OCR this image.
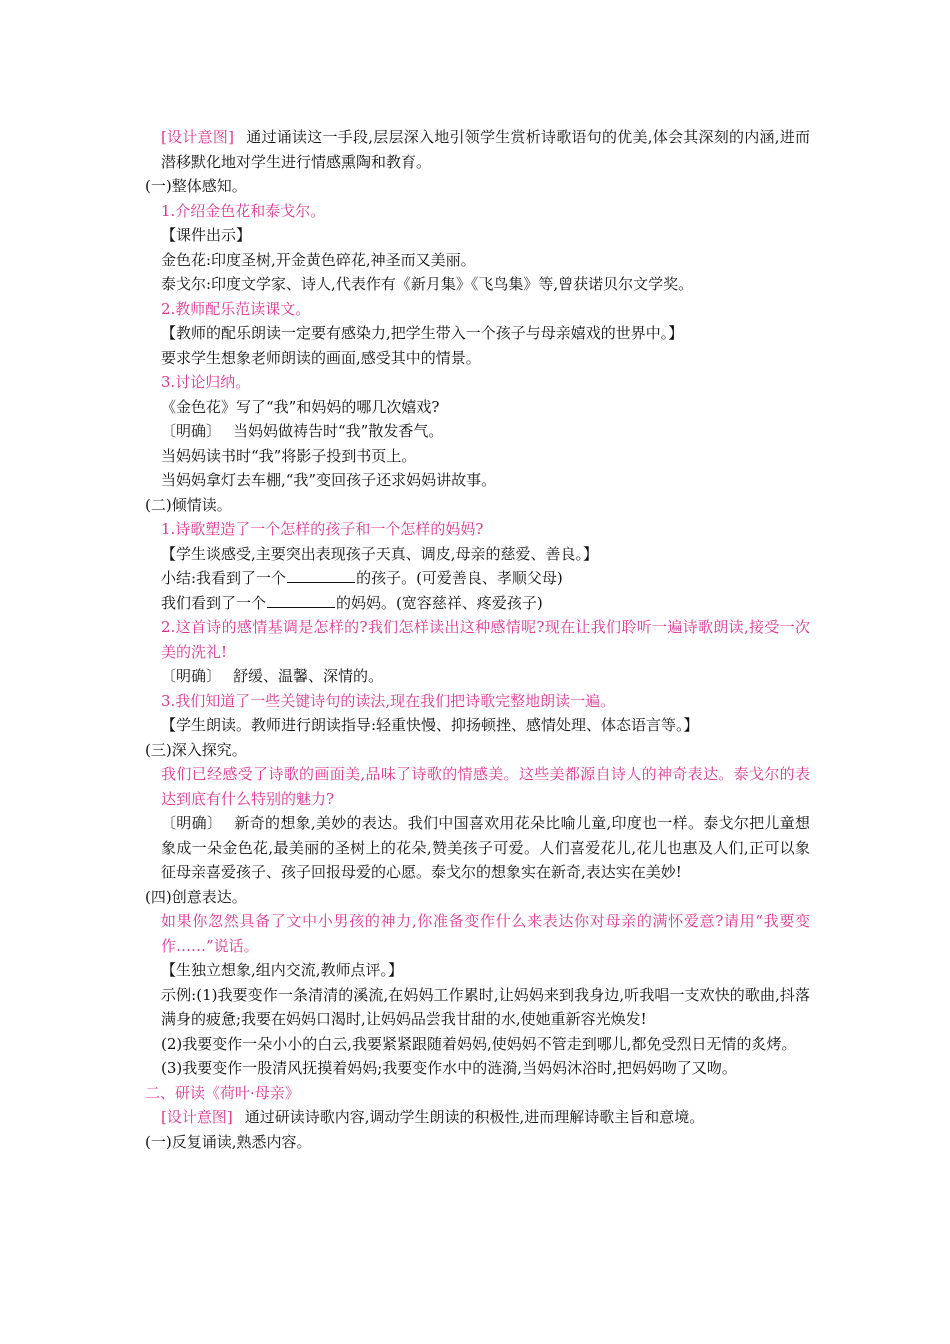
[设计意图] 通过诵读这一手段,层层深入地引领学生赏析诗歌语句的优美,体会其深刻的内涵,进而潜移默化地对学生进行情感熏陶和教育。

(一)整体感知。

1.介绍金色花和泰戈尔。

【课件出示】

金色花:印度圣树,开金黄色碎花,神圣而又美丽。

泰戈尔:印度文学家、诗人,代表作有《新月集》《飞鸟集》等,曾获诺贝尔文学奖。

2.教师配乐范读课文。

【教师的配乐朗读一定要有感染力,把学生带入一个孩子与母亲嬉戏的世界中。】

要求学生想象老师朗读的画面,感受其中的情景。

3.讨论归纳。

《金色花》写了“我”和妈妈的哪几次嬉戏?

〔明确〕 当妈妈做祷告时“我”散发香气。

当妈妈读书时“我”将影子投到书页上。

当妈妈拿灯去车棚,“我”变回孩子还求妈妈讲故事。

(二)倾情读。

1.诗歌塑造了一个怎样的孩子和一个怎样的妈妈?

【学生谈感受,主要突出表现孩子天真、调皮,母亲的慈爱、善良。】

小结:我看到了一个	的孩子。(可爱善良、孝顺父母)

我们看到了一个	的妈妈。(宽容慈祥、疼爱孩子)

2.这首诗的感情基调是怎样的?我们怎样读出这种感情呢?现在让我们聆听一遍诗歌朗读,接受一次美的洗礼!

〔明确〕 舒缓、温馨、深情的。

3.我们知道了一些关键诗句的读法,现在我们把诗歌完整地朗读一遍。

【学生朗读。教师进行朗读指导:轻重快慢、抑扬顿挫、感情处理、体态语言等。】

(三)深入探究。

我们已经感受了诗歌的画面美,品味了诗歌的情感美。这些美都源自诗人的神奇表达。泰戈尔的表达到底有什么特别的魅力?

〔明确〕 新奇的想象,美妙的表达。我们中国喜欢用花朵比喻儿童,印度也一样。泰戈尔把儿童想象成一朵金色花,最美丽的圣树上的花朵,赞美孩子可爱。人们喜爱花儿,花儿也惠及人们,正可以象征母亲喜爱孩子、孩子回报母爱的心愿。泰戈尔的想象实在新奇,表达实在美妙!

(四)创意表达。

如果你忽然具备了文中小男孩的神力,你准备变作什么来表达你对母亲的满怀爱意?请用“我要变作……”说话。

【生独立想象,组内交流,教师点评。】

示例:(1)我要变作一条清清的溪流,在妈妈工作累时,让妈妈来到我身边,听我唱一支欢快的歌曲,抖落满身的疲惫;我要在妈妈口渴时,让妈妈品尝我甘甜的水,使她重新容光焕发!

(2)我要变作一朵小小的白云,我要紧紧跟随着妈妈,使妈妈不管走到哪儿,都免受烈日无情的炙烤。

(3)我要变作一股清风抚摸着妈妈;我要变作水中的涟漪,当妈妈沐浴时,把妈妈吻了又吻。

二、研读《荷叶·母亲》

[设计意图] 通过研读诗歌内容,调动学生朗读的积极性,进而理解诗歌主旨和意境。

(一)反复诵读,熟悉内容。
